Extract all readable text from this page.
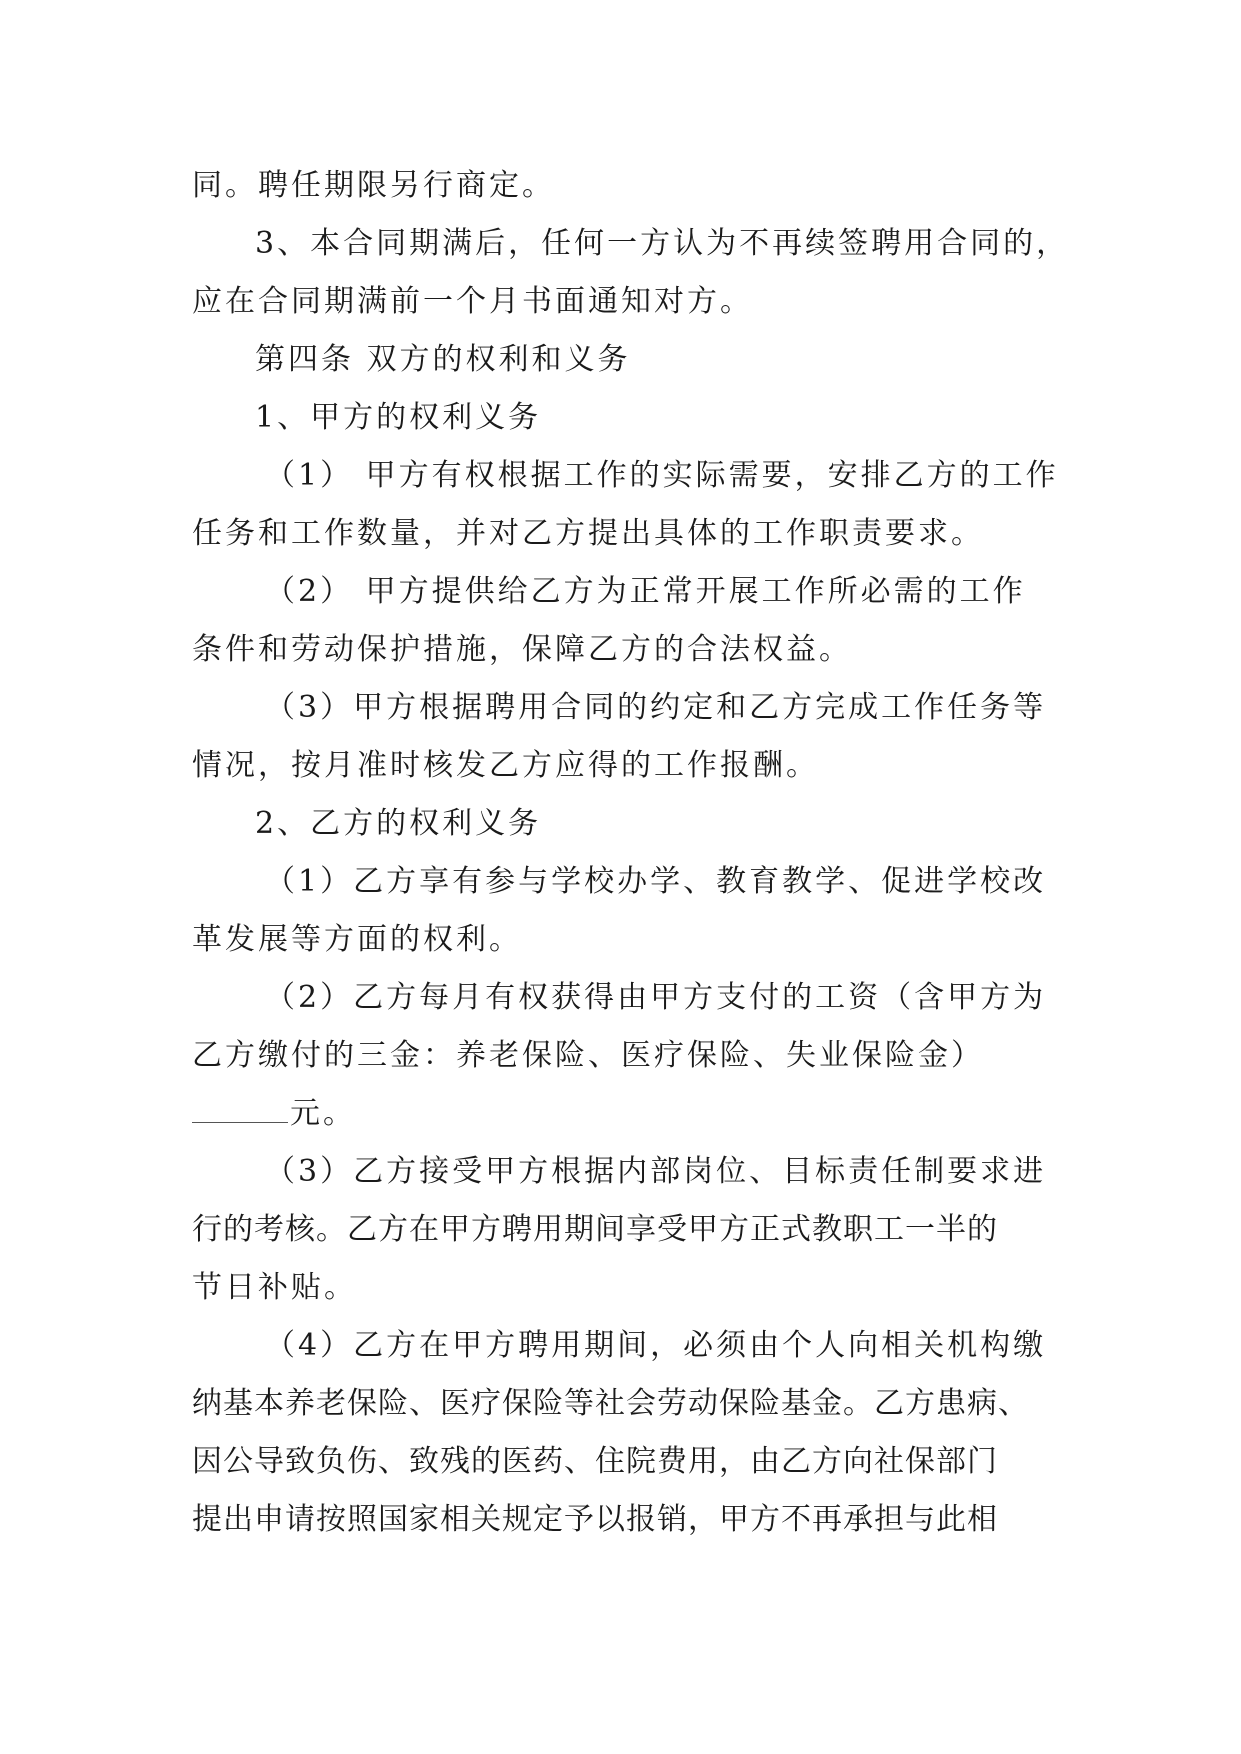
同。聘任期限另行商定。
3、本合同期满后，任何一方认为不再续签聘用合同的，
应在合同期满前一个月书面通知对方。
第四条 双方的权利和义务
1、甲方的权利义务
（1） 甲方有权根据工作的实际需要，安排乙方的工作
任务和工作数量，并对乙方提出具体的工作职责要求。
（2） 甲方提供给乙方为正常开展工作所必需的工作
条件和劳动保护措施，保障乙方的合法权益。
（3）甲方根据聘用合同的约定和乙方完成工作任务等
情况，按月准时核发乙方应得的工作报酬。
2、乙方的权利义务
（1）乙方享有参与学校办学、教育教学、促进学校改
革发展等方面的权利。
（2）乙方每月有权获得由甲方支付的工资（含甲方为
乙方缴付的三金：养老保险、医疗保险、失业保险金）
元。
（3）乙方接受甲方根据内部岗位、目标责任制要求进
行的考核。乙方在甲方聘用期间享受甲方正式教职工一半的
节日补贴。
（4）乙方在甲方聘用期间，必须由个人向相关机构缴
纳基本养老保险、医疗保险等社会劳动保险基金。乙方患病、
因公导致负伤、致残的医药、住院费用，由乙方向社保部门
提出申请按照国家相关规定予以报销，甲方不再承担与此相
